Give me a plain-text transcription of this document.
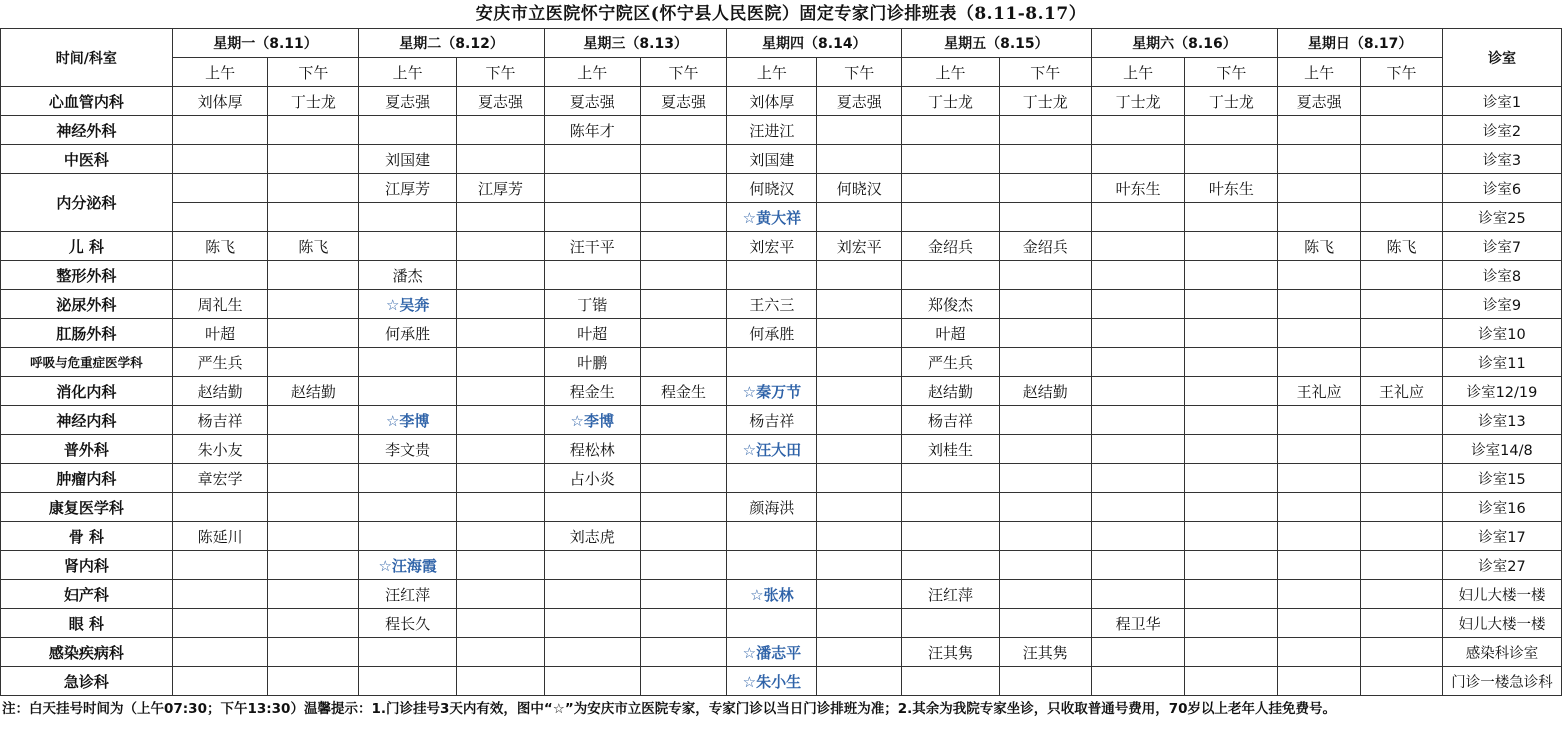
安庆市立医院怀宁院区(怀宁县人民医院）固定专家门诊排班表（8.11-8.17）
时间/科室	星期一（8.11）		星期二（8.12）		星期三（8.13）		星期四（8.14）		星期五（8.15）		星期六（8.16）		星期日（8.17）		诊室
	上午	下午	上午	下午	上午	下午	上午	下午	上午	下午	上午	下午	上午	下午	
心血管内科	刘体厚	丁士龙	夏志强	夏志强	夏志强	夏志强	刘体厚	夏志强	丁士龙	丁士龙	丁士龙	丁士龙	夏志强		诊室1
神经外科					陈年才		汪进江								诊室2
中医科			刘国建				刘国建								诊室3
内分泌科			江厚芳	江厚芳			何晓汉	何晓汉			叶东生	叶东生			诊室6
							☆黄大祥								诊室25
儿 科	陈飞	陈飞			汪干平		刘宏平	刘宏平	金绍兵	金绍兵			陈飞	陈飞	诊室7
整形外科			潘杰												诊室8
泌尿外科	周礼生		☆吴奔		丁锴		王六三		郑俊杰						诊室9
肛肠外科	叶超		何承胜		叶超		何承胜		叶超						诊室10
呼吸与危重症医学科	严生兵				叶鹏				严生兵						诊室11
消化内科	赵结勤	赵结勤			程金生	程金生	☆秦万节		赵结勤	赵结勤			王礼应	王礼应	诊室12/19
神经内科	杨吉祥		☆李博		☆李博		杨吉祥		杨吉祥						诊室13
普外科	朱小友		李文贵		程松林		☆汪大田		刘桂生						诊室14/8
肿瘤内科	章宏学				占小炎										诊室15
康复医学科							颜海洪								诊室16
骨 科	陈延川				刘志虎										诊室17
肾内科			☆汪海霞												诊室27
妇产科			汪红萍				☆张林		汪红萍						妇儿大楼一楼
眼 科			程长久								程卫华				妇儿大楼一楼
感染疾病科							☆潘志平		汪其隽	汪其隽					感染科诊室
急诊科							☆朱小生								门诊一楼急诊科
注：白天挂号时间为（上午07:30；下午13:30）温馨提示：1.门诊挂号3天内有效，图中“☆”为安庆市立医院专家，专家门诊以当日门诊排班为准；2.其余为我院专家坐诊，只收取普通号费用，70岁以上老年人挂免费号。
